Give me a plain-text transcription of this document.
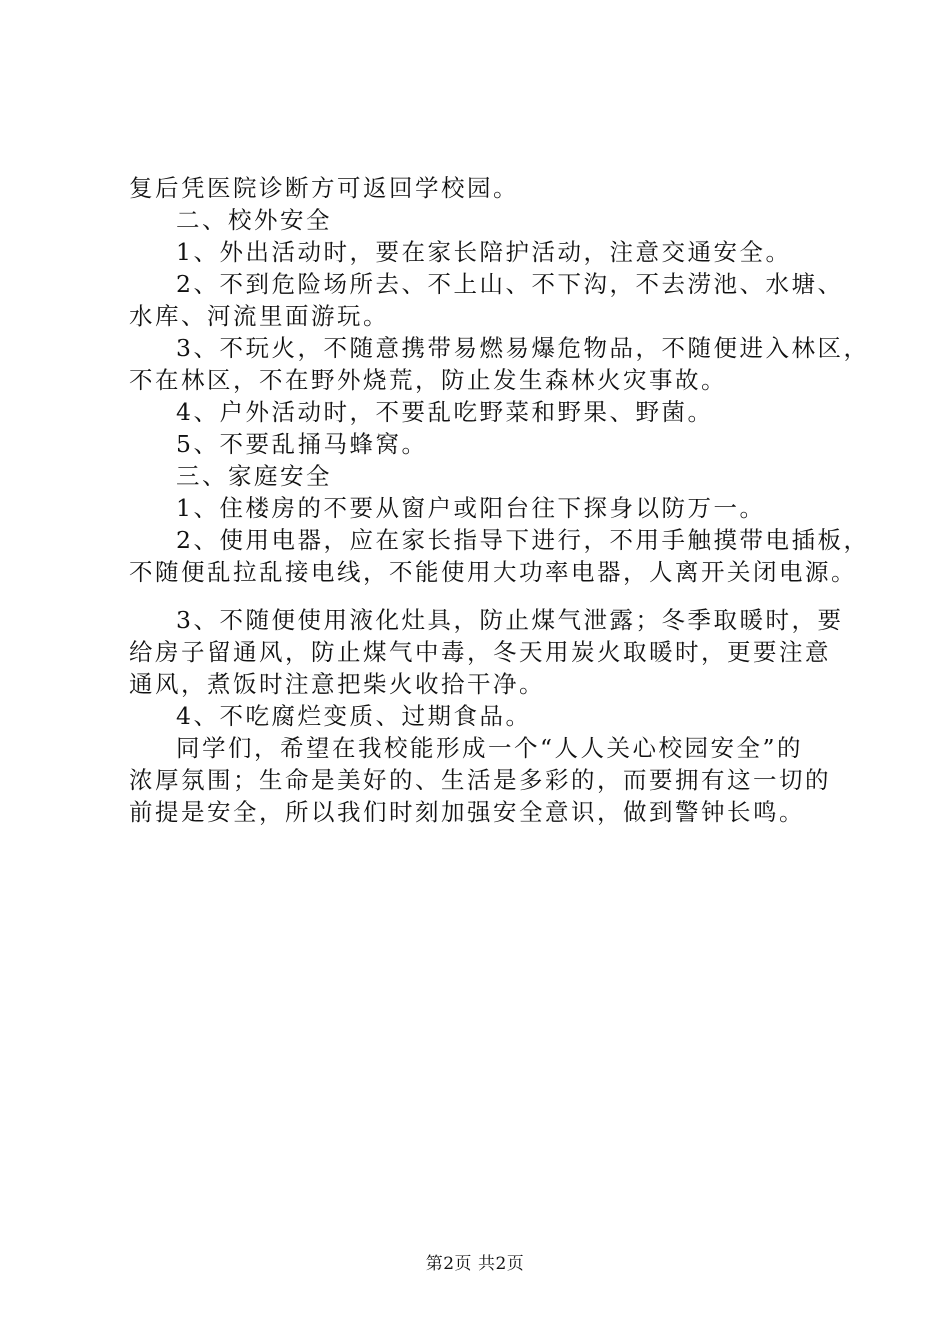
复后凭医院诊断方可返回学校园。
二、校外安全
1、外出活动时，要在家长陪护活动，注意交通安全。
2、不到危险场所去、不上山、不下沟，不去涝池、水塘、
水库、河流里面游玩。
3、不玩火，不随意携带易燃易爆危物品，不随便进入林区，
不在林区，不在野外烧荒，防止发生森林火灾事故。
4、户外活动时，不要乱吃野菜和野果、野菌。
5、不要乱捅马蜂窝。
三、家庭安全
1、住楼房的不要从窗户或阳台往下探身以防万一。
2、使用电器，应在家长指导下进行，不用手触摸带电插板，
不随便乱拉乱接电线，不能使用大功率电器，人离开关闭电源。
3、不随便使用液化灶具，防止煤气泄露；冬季取暖时，要
给房子留通风，防止煤气中毒，冬天用炭火取暖时，更要注意
通风，煮饭时注意把柴火收拾干净。
4、不吃腐烂变质、过期食品。
同学们，希望在我校能形成一个“人人关心校园安全”的
浓厚氛围；生命是美好的、生活是多彩的，而要拥有这一切的
前提是安全，所以我们时刻加强安全意识，做到警钟长鸣。
第2页 共2页
